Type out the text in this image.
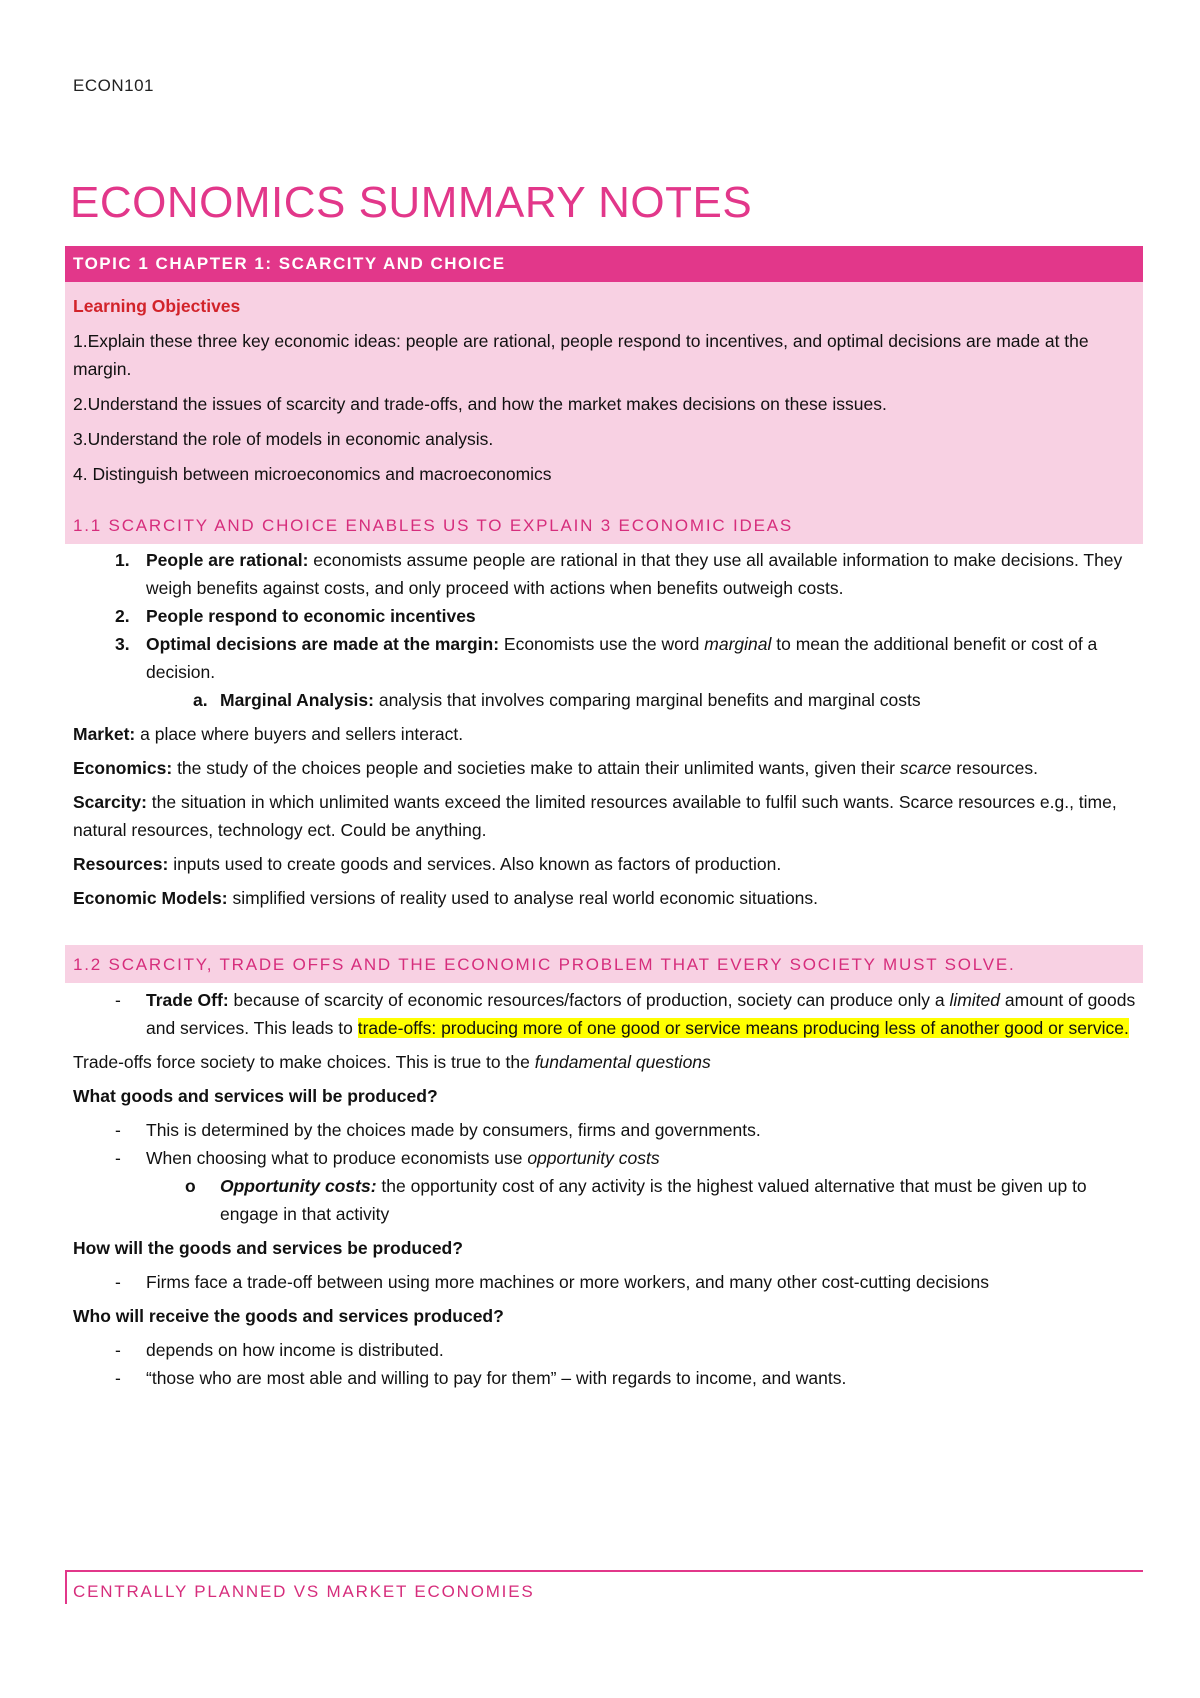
ECON101
ECONOMICS SUMMARY NOTES
TOPIC 1 CHAPTER 1: SCARCITY AND CHOICE

Learning Objectives

1.Explain these three key economic ideas: people are rational, people respond to incentives, and optimal decisions are made at the margin.

2.Understand the issues of scarcity and trade-offs, and how the market makes decisions on these issues.

3.Understand the role of models in economic analysis.

4. Distinguish between microeconomics and macroeconomics

1.1 SCARCITY AND CHOICE ENABLES US TO EXPLAIN 3 ECONOMIC IDEAS
1. People are rational: economists assume people are rational in that they use all available information to make decisions. They weigh benefits against costs, and only proceed with actions when benefits outweigh costs.
2. People respond to economic incentives
3. Optimal decisions are made at the margin: Economists use the word marginal to mean the additional benefit or cost of a decision.
a. Marginal Analysis: analysis that involves comparing marginal benefits and marginal costs

Market: a place where buyers and sellers interact.

Economics: the study of the choices people and societies make to attain their unlimited wants, given their scarce resources.

Scarcity: the situation in which unlimited wants exceed the limited resources available to fulfil such wants. Scarce resources e.g., time, natural resources, technology ect. Could be anything.

Resources: inputs used to create goods and services. Also known as factors of production.

Economic Models: simplified versions of reality used to analyse real world economic situations.

1.2 SCARCITY, TRADE OFFS AND THE ECONOMIC PROBLEM THAT EVERY SOCIETY MUST SOLVE.
- Trade Off: because of scarcity of economic resources/factors of production, society can produce only a limited amount of goods and services. This leads to trade-offs: producing more of one good or service means producing less of another good or service.

Trade-offs force society to make choices. This is true to the fundamental questions

What goods and services will be produced?

- This is determined by the choices made by consumers, firms and governments.
- When choosing what to produce economists use opportunity costs
o Opportunity costs: the opportunity cost of any activity is the highest valued alternative that must be given up to engage in that activity

How will the goods and services be produced?

- Firms face a trade-off between using more machines or more workers, and many other cost-cutting decisions

Who will receive the goods and services produced?

- depends on how income is distributed.
- “those who are most able and willing to pay for them” – with regards to income, and wants.
CENTRALLY PLANNED VS MARKET ECONOMIES
